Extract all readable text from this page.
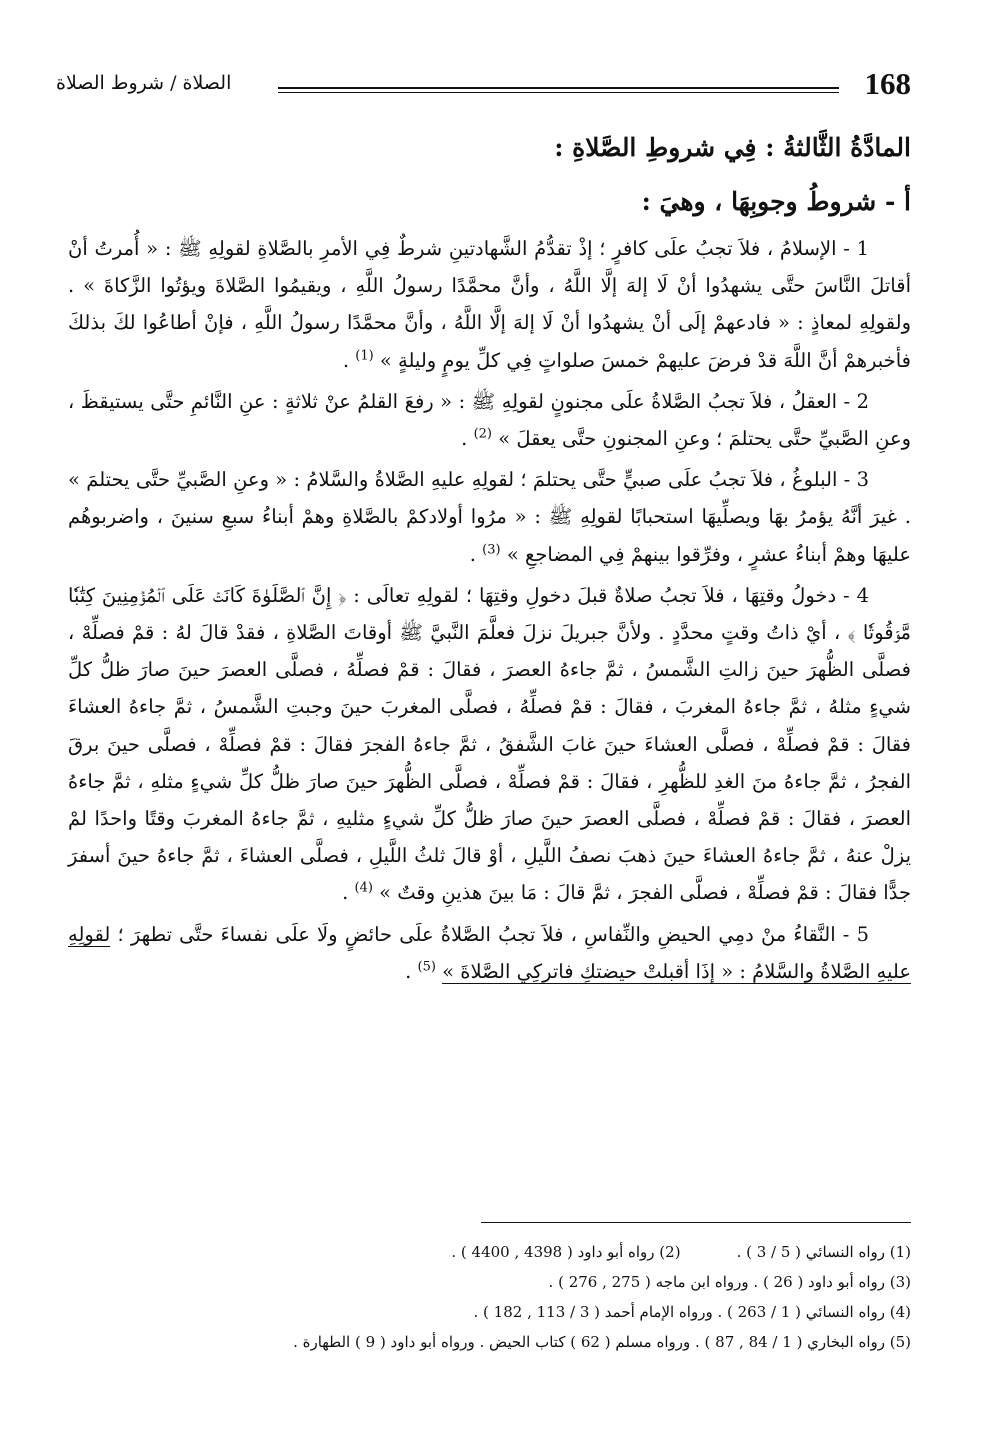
168
الصلاة / شروط الصلاة
المادَّةُ الثَّالثةُ : فِي شروطِ الصَّلاةِ :
أ - شروطُ وجوبِهَا ، وهيَ :

1 - الإسلامُ ، فلاَ تجبُ علَى كافرٍ ؛ إذْ تقدُّمُ الشَّهادتينِ شرطٌ فِي الأمرِ بالصَّلاةِ لقولِهِ ﷺ : « أُمرتُ أنْ أقاتلَ النَّاسَ حتَّى يشهدُوا أنْ لَا إلهَ إلَّا اللَّهُ ، وأنَّ محمَّدًا رسولُ اللَّهِ ، ويقيمُوا الصَّلاةَ ويؤتُوا الزَّكاةَ » . ولقولِهِ لمعاذٍ : « فادعهمْ إلَى أنْ يشهدُوا أنْ لَا إلهَ إلَّا اللَّهُ ، وأنَّ محمَّدًا رسولُ اللَّهِ ، فإنْ أطاعُوا لكَ بذلكَ فأخبرهمْ أنَّ اللَّهَ قدْ فرضَ عليهمْ خمسَ صلواتٍ فِي كلِّ يومٍ وليلةٍ » $^{(1)}$ .

2 - العقلُ ، فلاَ تجبُ الصَّلاةُ علَى مجنونٍ لقولِهِ ﷺ : « رفعَ القلمُ عنْ ثلاثةٍ : عنِ النَّائمِ حتَّى يستيقظَ ، وعنِ الصَّبيِّ حتَّى يحتلمَ ؛ وعنِ المجنونِ حتَّى يعقلَ » $^{(2)}$ .

3 - البلوغُ ، فلاَ تجبُ علَى صبيٍّ حتَّى يحتلمَ ؛ لقولِهِ عليهِ الصَّلاةُ والسَّلامُ : « وعنِ الصَّبيِّ حتَّى يحتلمَ » . غيرَ أنَّهُ يؤمرُ بهَا ويصلِّيهَا استحبابًا لقولِهِ ﷺ : « مرُوا أولادكمْ بالصَّلاةِ وهمْ أبناءُ سبعِ سنينَ ، واضربوهُم عليهَا وهمْ أبناءُ عشرٍ ، وفرِّقوا بينهمْ فِي المضاجعِ » $^{(3)}$ .

4 - دخولُ وقتِهَا ، فلاَ تجبُ صلاةٌ قبلَ دخولِ وقتِهَا ؛ لقولِهِ تعالَى : ﴿ إِنَّ ٱلصَّلَوٰةَ كَانَتۡ عَلَى ٱلۡمُؤۡمِنِينَ كِتَٰبٗا مَّوۡقُوتٗا ﴾ ، أيْ ذاتُ وقتٍ محدَّدٍ . ولأنَّ جبريلَ نزلَ فعلَّمَ النَّبيَّ ﷺ أوقاتَ الصَّلاةِ ، فقدْ قالَ لهُ : قمْ فصلِّهْ ، فصلَّى الظُّهرَ حينَ زالتِ الشَّمسُ ، ثمَّ جاءهُ العصرَ ، فقالَ : قمْ فصلِّهُ ، فصلَّى العصرَ حينَ صارَ ظلُّ كلِّ شيءٍ مثلهُ ، ثمَّ جاءهُ المغربَ ، فقالَ : قمْ فصلِّهُ ، فصلَّى المغربَ حينَ وجبتِ الشَّمسُ ، ثمَّ جاءهُ العشاءَ فقالَ : قمْ فصلِّهْ ، فصلَّى العشاءَ حينَ غابَ الشَّفقُ ، ثمَّ جاءهُ الفجرَ فقالَ : قمْ فصلِّهْ ، فصلَّى حينَ برقَ الفجرُ ، ثمَّ جاءهُ منَ الغدِ للظُّهرِ ، فقالَ : قمْ فصلِّهْ ، فصلَّى الظُّهرَ حينَ صارَ ظلُّ كلِّ شيءٍ مثلهِ ، ثمَّ جاءهُ العصرَ ، فقالَ : قمْ فصلِّهْ ، فصلَّى العصرَ حينَ صارَ ظلُّ كلِّ شيءٍ مثليهِ ، ثمَّ جاءهُ المغربَ وقتًا واحدًا لمْ يزلْ عنهُ ، ثمَّ جاءهُ العشاءَ حينَ ذهبَ نصفُ اللَّيلِ ، أوْ قالَ ثلثُ اللَّيلِ ، فصلَّى العشاءَ ، ثمَّ جاءهُ حينَ أسفرَ جدًّا فقالَ : قمْ فصلِّهْ ، فصلَّى الفجرَ ، ثمَّ قالَ : مَا بينَ هذينِ وقتٌ » $^{(4)}$ .

5 - النَّقاءُ منْ دمِي الحيضِ والنِّفاسِ ، فلاَ تجبُ الصَّلاةُ علَى حائضٍ ولَا علَى نفساءَ حتَّى تطهرَ ؛ لقولِهِ عليهِ الصَّلاةُ والسَّلامُ : « إذَا أقبلتْ حيضتكِ فاتركِي الصَّلاةَ » $^{(5)}$ .

(1) رواه النسائي ( 5 / 3 ) .
(2) رواه أبو داود ( 4398 , 4400 ) .
(3) رواه أبو داود ( 26 ) . ورواه ابن ماجه ( 275 , 276 ) .
(4) رواه النسائي ( 1 / 263 ) . ورواه الإمام أحمد ( 3 / 113 , 182 ) .
(5) رواه البخاري ( 1 / 84 , 87 ) . ورواه مسلم ( 62 ) كتاب الحيض . ورواه أبو داود ( 9 ) الطهارة .
